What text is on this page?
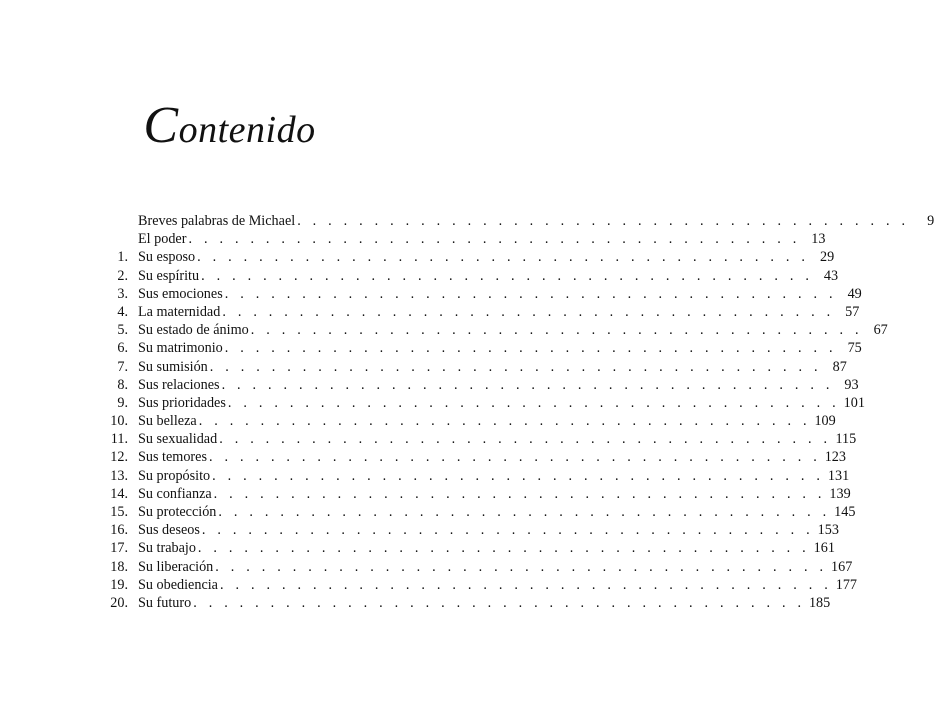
Contenido
Breves palabras de Michael . . . . . . . . . . . . . . . . . . . . . . . . . . . . . . . . . . . . . . . .	9
El poder . . . . . . . . . . . . . . . . . . . . . . . . . . . . . . . . . . . . . . . . 13
1. Su esposo . . . . . . . . . . . . . . . . . . . . . . . . . . . . . . . . . . . . . . . . 29
2. Su espíritu . . . . . . . . . . . . . . . . . . . . . . . . . . . . . . . . . . . . . . . . 43
3. Sus emociones . . . . . . . . . . . . . . . . . . . . . . . . . . . . . . . . . . . . . . . . 49
4. La maternidad . . . . . . . . . . . . . . . . . . . . . . . . . . . . . . . . . . . . . . . . 57
5. Su estado de ánimo . . . . . . . . . . . . . . . . . . . . . . . . . . . . . . . . . . . . . . . . 67
6. Su matrimonio . . . . . . . . . . . . . . . . . . . . . . . . . . . . . . . . . . . . . . . . 75
7. Su sumisión . . . . . . . . . . . . . . . . . . . . . . . . . . . . . . . . . . . . . . . . 87
8. Sus relaciones . . . . . . . . . . . . . . . . . . . . . . . . . . . . . . . . . . . . . . . . 93
9. Sus prioridades . . . . . . . . . . . . . . . . . . . . . . . . . . . . . . . . . . . . . . . . 101
10. Su belleza . . . . . . . . . . . . . . . . . . . . . . . . . . . . . . . . . . . . . . . . 109
11. Su sexualidad . . . . . . . . . . . . . . . . . . . . . . . . . . . . . . . . . . . . . . . . 115
12. Sus temores . . . . . . . . . . . . . . . . . . . . . . . . . . . . . . . . . . . . . . . . 123
13. Su propósito . . . . . . . . . . . . . . . . . . . . . . . . . . . . . . . . . . . . . . . . 131
14. Su confianza . . . . . . . . . . . . . . . . . . . . . . . . . . . . . . . . . . . . . . . . 139
15. Su protección . . . . . . . . . . . . . . . . . . . . . . . . . . . . . . . . . . . . . . . . 145
16. Sus deseos . . . . . . . . . . . . . . . . . . . . . . . . . . . . . . . . . . . . . . . . 153
17. Su trabajo . . . . . . . . . . . . . . . . . . . . . . . . . . . . . . . . . . . . . . . . 161
18. Su liberación . . . . . . . . . . . . . . . . . . . . . . . . . . . . . . . . . . . . . . . . 167
19. Su obediencia . . . . . . . . . . . . . . . . . . . . . . . . . . . . . . . . . . . . . . . . 177
20. Su futuro . . . . . . . . . . . . . . . . . . . . . . . . . . . . . . . . . . . . . . . . 185
